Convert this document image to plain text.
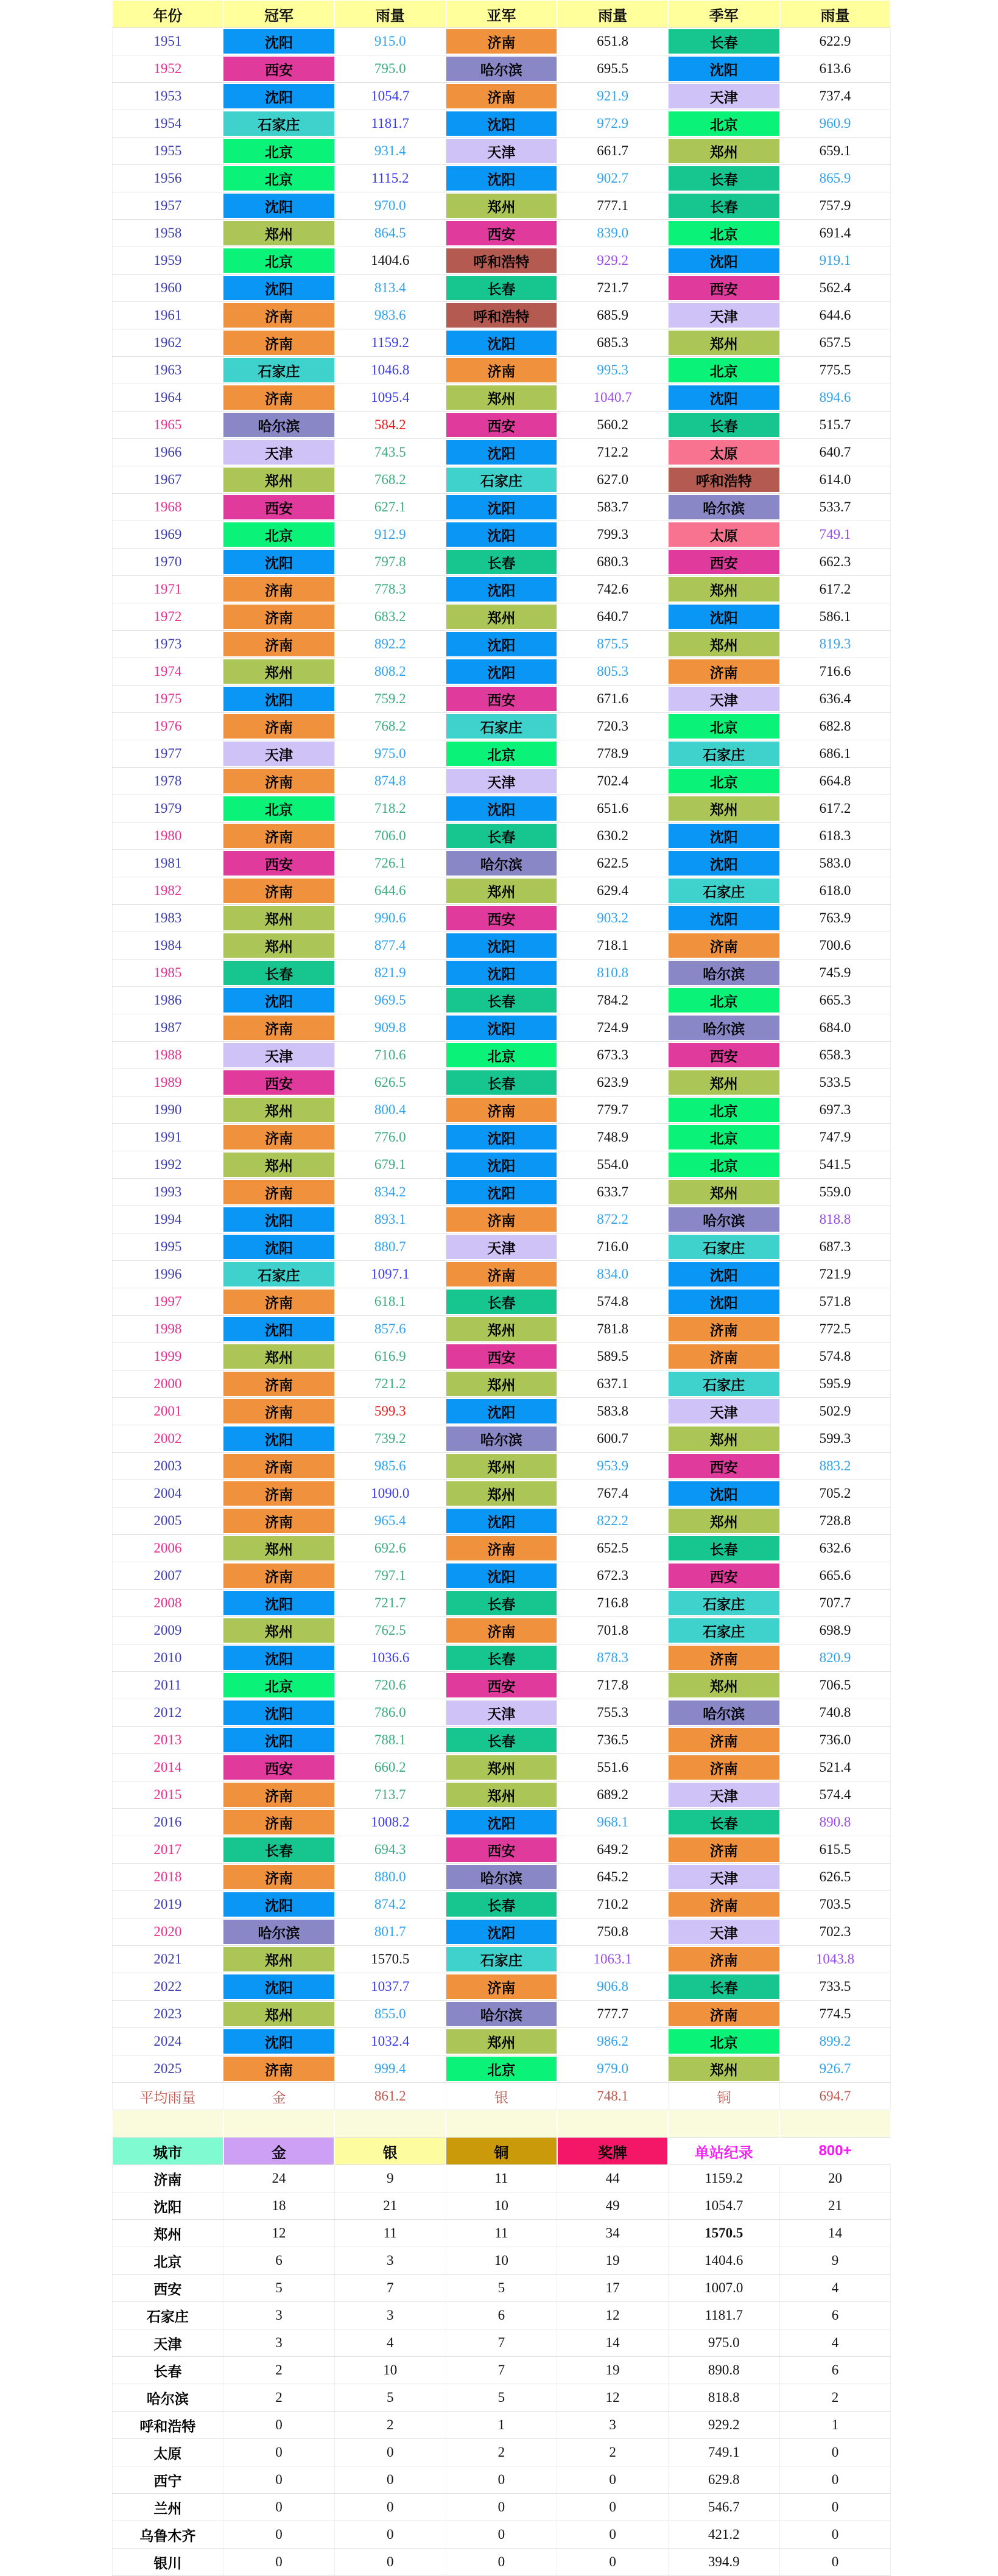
年份	冠军	雨量	亚军	雨量	季军	雨量
1951	沈阳	915.0	济南	651.8	长春	622.9
1952	西安	795.0	哈尔滨	695.5	沈阳	613.6
1953	沈阳	1054.7	济南	921.9	天津	737.4
1954	石家庄	1181.7	沈阳	972.9	北京	960.9
1955	北京	931.4	天津	661.7	郑州	659.1
1956	北京	1115.2	沈阳	902.7	长春	865.9
1957	沈阳	970.0	郑州	777.1	长春	757.9
1958	郑州	864.5	西安	839.0	北京	691.4
1959	北京	1404.6	呼和浩特	929.2	沈阳	919.1
1960	沈阳	813.4	长春	721.7	西安	562.4
1961	济南	983.6	呼和浩特	685.9	天津	644.6
1962	济南	1159.2	沈阳	685.3	郑州	657.5
1963	石家庄	1046.8	济南	995.3	北京	775.5
1964	济南	1095.4	郑州	1040.7	沈阳	894.6
1965	哈尔滨	584.2	西安	560.2	长春	515.7
1966	天津	743.5	沈阳	712.2	太原	640.7
1967	郑州	768.2	石家庄	627.0	呼和浩特	614.0
1968	西安	627.1	沈阳	583.7	哈尔滨	533.7
1969	北京	912.9	沈阳	799.3	太原	749.1
1970	沈阳	797.8	长春	680.3	西安	662.3
1971	济南	778.3	沈阳	742.6	郑州	617.2
1972	济南	683.2	郑州	640.7	沈阳	586.1
1973	济南	892.2	沈阳	875.5	郑州	819.3
1974	郑州	808.2	沈阳	805.3	济南	716.6
1975	沈阳	759.2	西安	671.6	天津	636.4
1976	济南	768.2	石家庄	720.3	北京	682.8
1977	天津	975.0	北京	778.9	石家庄	686.1
1978	济南	874.8	天津	702.4	北京	664.8
1979	北京	718.2	沈阳	651.6	郑州	617.2
1980	济南	706.0	长春	630.2	沈阳	618.3
1981	西安	726.1	哈尔滨	622.5	沈阳	583.0
1982	济南	644.6	郑州	629.4	石家庄	618.0
1983	郑州	990.6	西安	903.2	沈阳	763.9
1984	郑州	877.4	沈阳	718.1	济南	700.6
1985	长春	821.9	沈阳	810.8	哈尔滨	745.9
1986	沈阳	969.5	长春	784.2	北京	665.3
1987	济南	909.8	沈阳	724.9	哈尔滨	684.0
1988	天津	710.6	北京	673.3	西安	658.3
1989	西安	626.5	长春	623.9	郑州	533.5
1990	郑州	800.4	济南	779.7	北京	697.3
1991	济南	776.0	沈阳	748.9	北京	747.9
1992	郑州	679.1	沈阳	554.0	北京	541.5
1993	济南	834.2	沈阳	633.7	郑州	559.0
1994	沈阳	893.1	济南	872.2	哈尔滨	818.8
1995	沈阳	880.7	天津	716.0	石家庄	687.3
1996	石家庄	1097.1	济南	834.0	沈阳	721.9
1997	济南	618.1	长春	574.8	沈阳	571.8
1998	沈阳	857.6	郑州	781.8	济南	772.5
1999	郑州	616.9	西安	589.5	济南	574.8
2000	济南	721.2	郑州	637.1	石家庄	595.9
2001	济南	599.3	沈阳	583.8	天津	502.9
2002	沈阳	739.2	哈尔滨	600.7	郑州	599.3
2003	济南	985.6	郑州	953.9	西安	883.2
2004	济南	1090.0	郑州	767.4	沈阳	705.2
2005	济南	965.4	沈阳	822.2	郑州	728.8
2006	郑州	692.6	济南	652.5	长春	632.6
2007	济南	797.1	沈阳	672.3	西安	665.6
2008	沈阳	721.7	长春	716.8	石家庄	707.7
2009	郑州	762.5	济南	701.8	石家庄	698.9
2010	沈阳	1036.6	长春	878.3	济南	820.9
2011	北京	720.6	西安	717.8	郑州	706.5
2012	沈阳	786.0	天津	755.3	哈尔滨	740.8
2013	沈阳	788.1	长春	736.5	济南	736.0
2014	西安	660.2	郑州	551.6	济南	521.4
2015	济南	713.7	郑州	689.2	天津	574.4
2016	济南	1008.2	沈阳	968.1	长春	890.8
2017	长春	694.3	西安	649.2	济南	615.5
2018	济南	880.0	哈尔滨	645.2	天津	626.5
2019	沈阳	874.2	长春	710.2	济南	703.5
2020	哈尔滨	801.7	沈阳	750.8	天津	702.3
2021	郑州	1570.5	石家庄	1063.1	济南	1043.8
2022	沈阳	1037.7	济南	906.8	长春	733.5
2023	郑州	855.0	哈尔滨	777.7	济南	774.5
2024	沈阳	1032.4	郑州	986.2	北京	899.2
2025	济南	999.4	北京	979.0	郑州	926.7
平均雨量	金	861.2	银	748.1	铜	694.7

城市	金	银	铜	奖牌	单站纪录	800+
济南	24	9	11	44	1159.2	20
沈阳	18	21	10	49	1054.7	21
郑州	12	11	11	34	1570.5	14
北京	6	3	10	19	1404.6	9
西安	5	7	5	17	1007.0	4
石家庄	3	3	6	12	1181.7	6
天津	3	4	7	14	975.0	4
长春	2	10	7	19	890.8	6
哈尔滨	2	5	5	12	818.8	2
呼和浩特	0	2	1	3	929.2	1
太原	0	0	2	2	749.1	0
西宁	0	0	0	0	629.8	0
兰州	0	0	0	0	546.7	0
乌鲁木齐	0	0	0	0	421.2	0
银川	0	0	0	0	394.9	0
